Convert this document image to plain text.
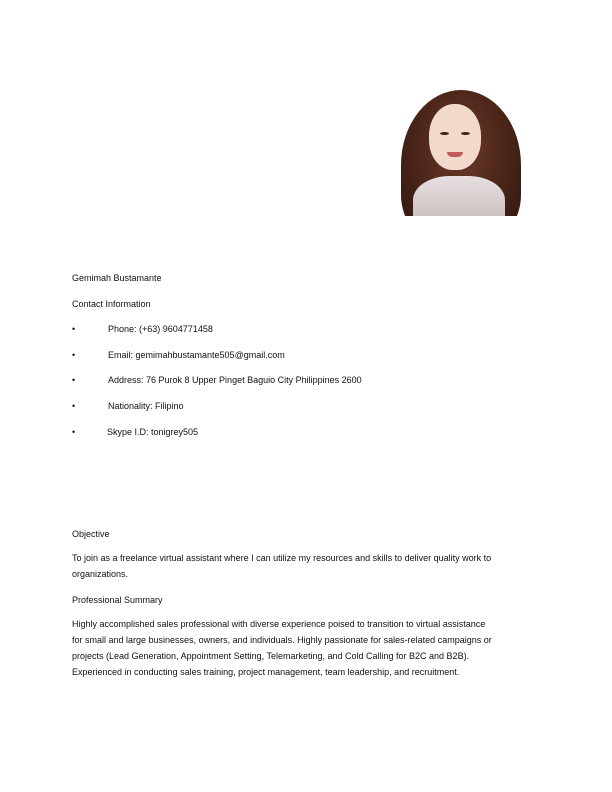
Gemimah Bustamante
Contact Information
•	Phone: (+63) 9604771458
•	Email: gemimahbustamante505@gmail.com
•	Address: 76 Purok 8 Upper Pinget Baguio City Philippines 2600
•	Nationality: Filipino
•	Skype I.D: tonigrey505
Objective
To join as a freelance virtual assistant where I can utilize my resources and skills to deliver quality work to
organizations.
Professional Summary
Highly accomplished sales professional with diverse experience poised to transition to virtual assistance
for small and large businesses, owners, and individuals. Highly passionate for sales-related campaigns or
projects (Lead Generation, Appointment Setting, Telemarketing, and Cold Calling for B2C and B2B).
Experienced in conducting sales training, project management, team leadership, and recruitment.
